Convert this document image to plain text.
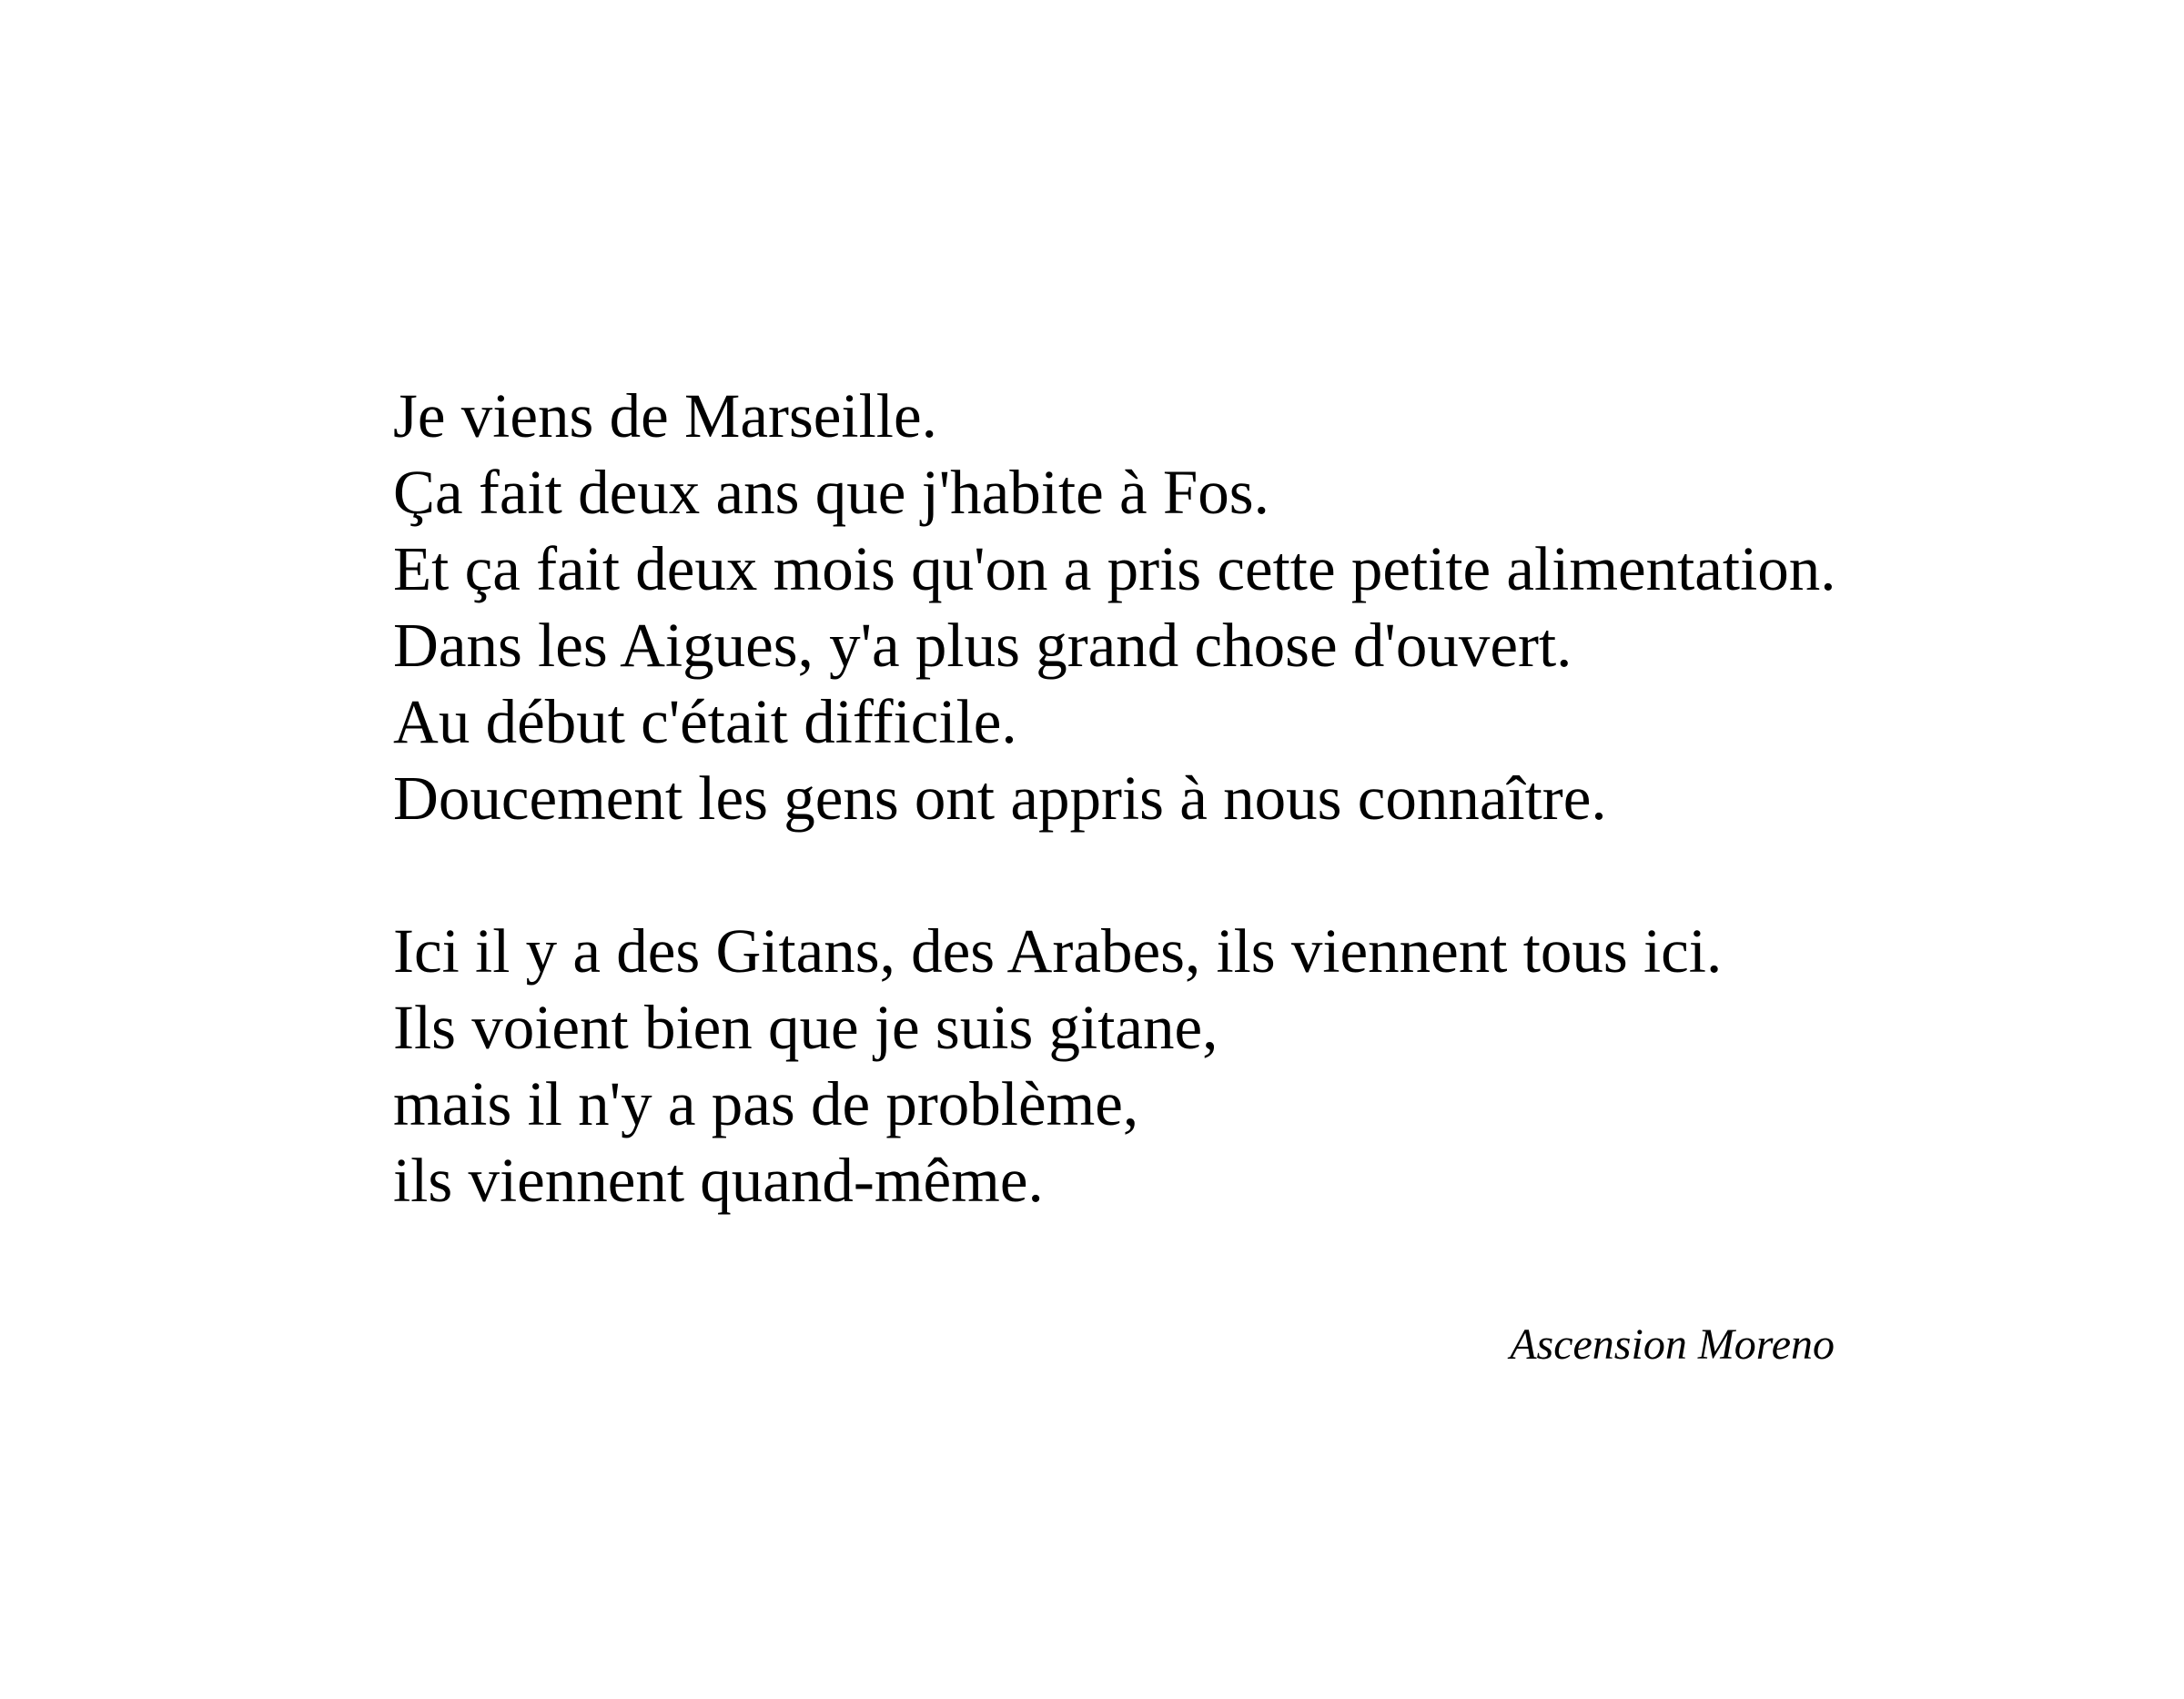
Je viens de Marseille.
Ça fait deux ans que j'habite à Fos.
Et ça fait deux mois qu'on a pris cette petite alimentation.
Dans les Aigues, y'a plus grand chose d'ouvert.
Au début c'était difficile.
Doucement les gens ont appris à nous connaître.
Ici il y a des Gitans, des Arabes, ils viennent tous ici.
Ils voient bien que je suis gitane,
mais il n'y a pas de problème,
ils viennent quand-même.
Ascension Moreno
